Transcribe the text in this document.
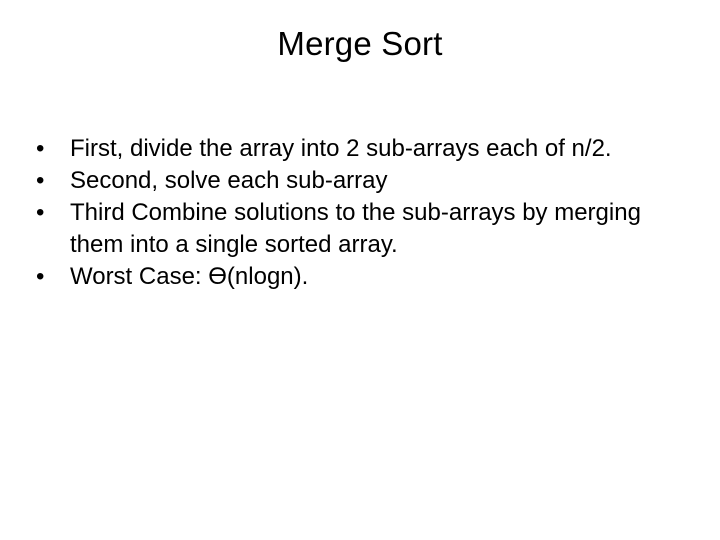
Merge Sort
•	First, divide the array into 2 sub-arrays each of n/2.
•	Second, solve each sub-array
•	Third Combine solutions to the sub-arrays by merging them into a single sorted array.
•	Worst Case: Ɵ(nlogn).
